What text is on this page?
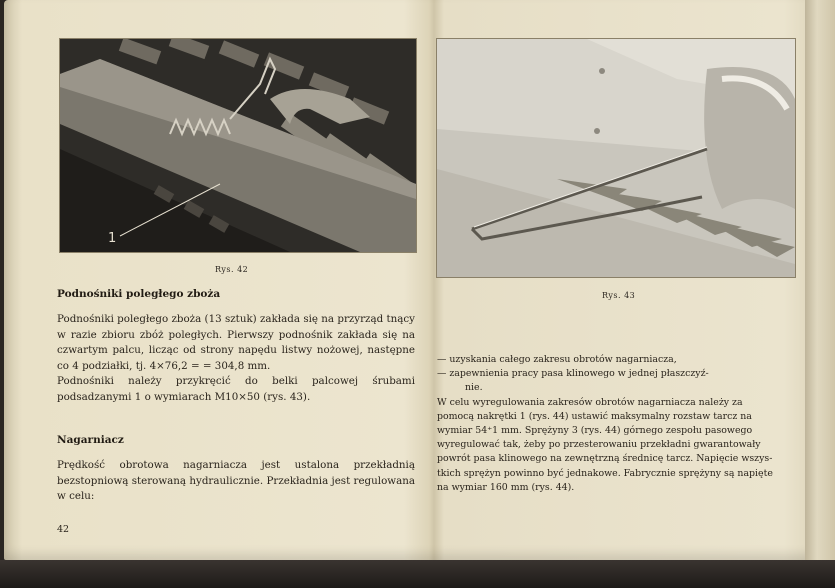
1
Rys. 42
Rys. 43
Podnośniki poległego zboża

Podnośniki poległego zboża (13 sztuk) zakłada się na przyrząd tnący w razie zbioru zbóż poległych. Pierwszy podnośnik zakłada się na czwartym palcu, licząc od strony napędu listwy nożowej, następne co 4 podziałki, tj. 4×76,2 = = 304,8 mm.

Podnośniki należy przykręcić do belki palcowej śrubami podsadzanymi 1 o wymiarach M10×50 (rys. 43).

Nagarniacz

Prędkość obrotowa nagarniacza jest ustalona przekładnią bezstopniową sterowaną hydraulicznie. Przekładnia jest regulowana w celu:

42
— uzyskania całego zakresu obrotów nagarniacza,
— zapewnienia pracy pasa klinowego w jednej płaszczyź-
nie.
W celu wyregulowania zakresów obrotów nagarniacza należy za
pomocą nakrętki 1 (rys. 44) ustawić maksymalny rozstaw tarcz na
wymiar 54⁺1 mm. Sprężyny 3 (rys. 44) górnego zespołu pasowego
wyregulować tak, żeby po przesterowaniu przekładni gwarantowały
powrót pasa klinowego na zewnętrzną średnicę tarcz. Napięcie wszys-
tkich sprężyn powinno być jednakowe. Fabrycznie sprężyny są napięte
na wymiar 160 mm (rys. 44).
